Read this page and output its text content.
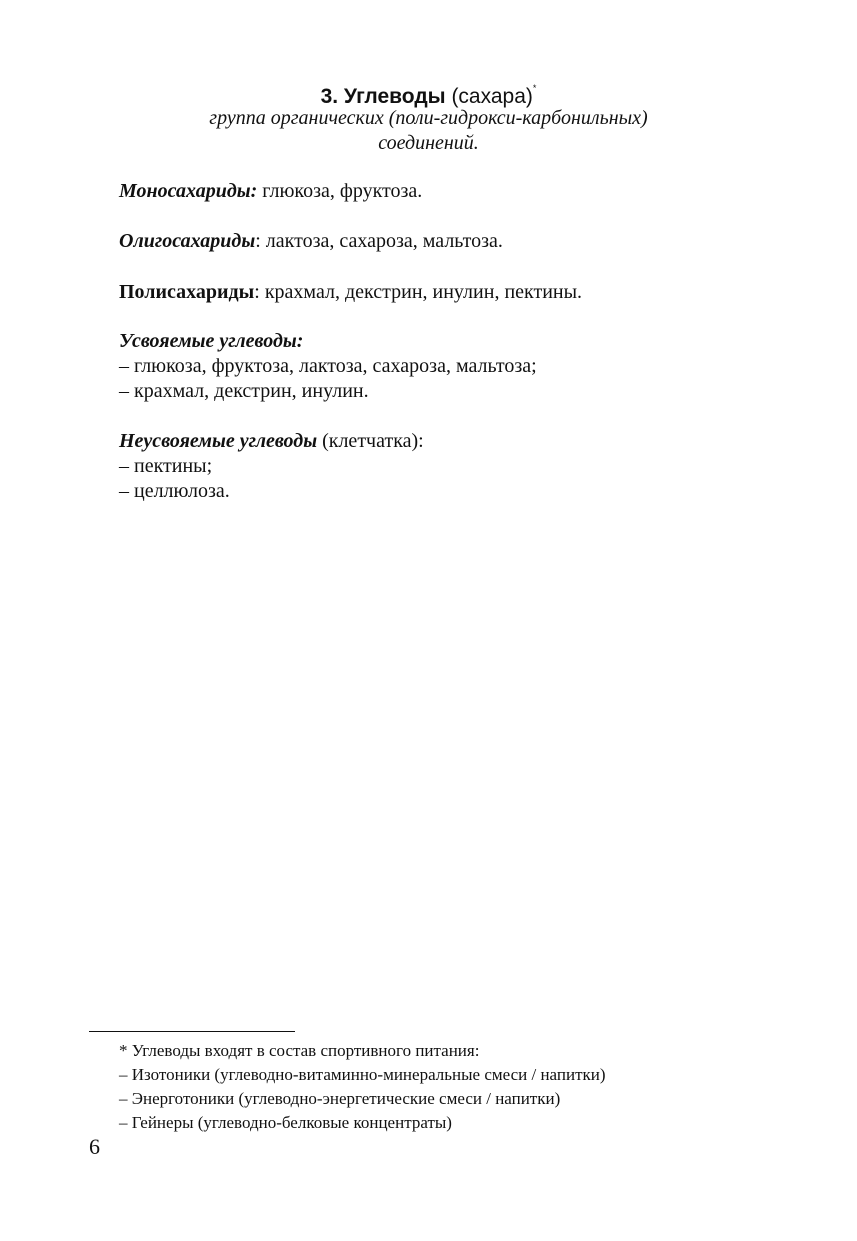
3. Углеводы (сахара)*
группа органических (поли-гидрокси-карбонильных)
соединений.
Моносахариды: глюкоза, фруктоза.
Олигосахариды: лактоза, сахароза, мальтоза.
Полисахариды: крахмал, декстрин, инулин, пектины.
Усвояемые углеводы:
– глюкоза, фруктоза, лактоза, сахароза, мальтоза;
– крахмал, декстрин, инулин.
Неусвояемые углеводы (клетчатка):
– пектины;
– целлюлоза.
* Углеводы входят в состав спортивного питания:
– Изотоники (углеводно-витаминно-минеральные смеси / напитки)
– Энерготоники (углеводно-энергетические смеси / напитки)
– Гейнеры (углеводно-белковые концентраты)
6
